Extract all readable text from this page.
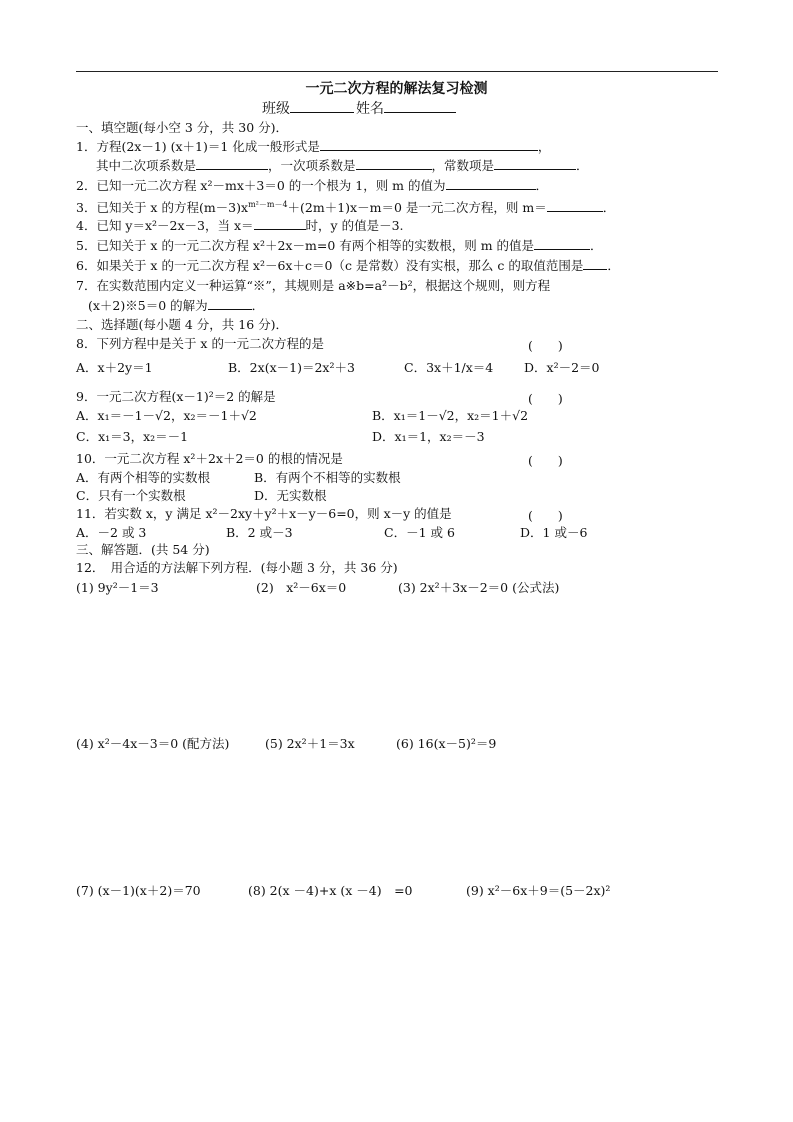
一元二次方程的解法复习检测
班级	姓名
一、填空题(每小空 3 分，共 30 分)．
1．方程(2x－1) (x＋1)＝1 化成一般形式是	，
其中二次项系数是	，一次项系数是	，常数项是	．
2．已知一元二次方程 x²－mx＋3＝0 的一个根为 1，则 m 的值为	．
3．已知关于 x 的方程$(m-3)x^{m^2-m-4}+(2m+1)x-m=0$ 是一元二次方程，则 m＝	．
4．已知 y＝x²－2x－3，当 x＝	时，y 的值是－3.
5．已知关于 x 的一元二次方程 x²＋2x－m=0 有两个相等的实数根，则 m 的值是	．
6．如果关于 x 的一元二次方程 x²－6x＋c＝0（c 是常数）没有实根，那么 c 的取值范围是 ．
7．在实数范围内定义一种运算“※”，其规则是 a※b=a²－b²，根据这个规则，则方程
(x＋2)※5＝0 的解为	．
二、选择题(每小题 4 分，共 16 分)．
8．下列方程中是关于 x 的一元二次方程的是	(　　)
A．x＋2y＝1	B．2x(x－1)＝2x²＋3	C．3x＋1/x＝4 D．x²－2＝0
9．一元二次方程(x－1)²＝2 的解是	(　　)
A．x₁＝－1－√2，x₂＝－1＋√2	B．x₁＝1－√2，x₂＝1＋√2
C．x₁＝3，x₂＝－1	D．x₁＝1，x₂＝－3
10．一元二次方程 x²＋2x＋2＝0 的根的情况是	(　　)
A．有两个相等的实数根	B．有两个不相等的实数根
C．只有一个实数根	D．无实数根
11．若实数 x，y 满足 x²－2xy＋y²＋x－y－6=0，则 x－y 的值是	(　　)
A．－2 或 3	B．2 或－3	C．－1 或 6	D．1 或－6
三、解答题．(共 54 分)
12．　用合适的方法解下列方程．(每小题 3 分，共 36 分)
(1) 9y²－1＝3	(2)　x²－6x＝0	(3) 2x²＋3x－2＝0 (公式法)
(4) x²－4x－3＝0 (配方法)	(5) 2x²＋1＝3x	(6) 16(x－5)²＝9
(7) (x－1)(x＋2)＝70	(8) 2(x －4)+x (x －4)　=0	(9) x²－6x＋9＝(5－2x)²
